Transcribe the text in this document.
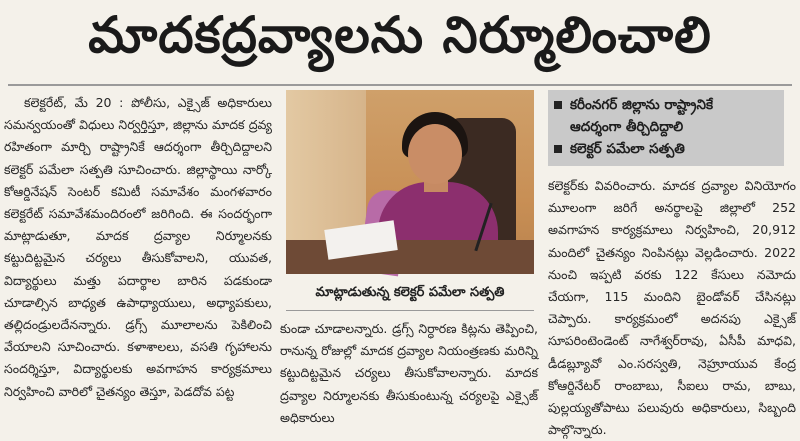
మాదకద్రవ్యాలను నిర్మూలించాలి
కలెక్టరేట్, మే 20 : పోలీసు, ఎక్సైజ్ అధికారులు సమన్వయంతో విధులు నిర్వర్తిస్తూ, జిల్లాను మాదక ద్రవ్య రహితంగా మార్చి రాష్ట్రానికే ఆదర్శంగా తీర్చిదిద్దాలని కలెక్టర్ పమేలా సత్పతి సూచించారు. జిల్లాస్థాయి నార్కో కోఆర్డినేషన్ సెంటర్ కమిటీ సమావేశం మంగళవారం కలెక్టరేట్ సమావేశమందిరంలో జరిగింది. ఈ సందర్భంగా మాట్లాడుతూ, మాదక ద్రవ్యాల నిర్మూలనకు కట్టుదిట్టమైన చర్యలు తీసుకోవాలని, యువత, విద్యార్థులు మత్తు పదార్థాల బారిన పడకుండా చూడాల్సిన బాధ్యత ఉపాధ్యాయులు, అధ్యాపకులు, తల్లిదండ్రులదేనన్నారు. డ్రగ్స్ మూలాలను పెకిలించి వేయాలని సూచించారు. కళాశాలలు, వసతి గృహాలను సందర్శిస్తూ, విద్యార్థులకు అవగాహన కార్యక్రమాలు నిర్వహించి వారిలో చైతన్యం తెస్తూ, పెడదోవ పట్ట
మాట్లాడుతున్న కలెక్టర్ పమేలా సత్పతి
కుండా చూడాలన్నారు. డ్రగ్స్ నిర్ధారణ కిట్లను తెప్పించి, రానున్న రోజుల్లో మాదక ద్రవ్యాల నియంత్రణకు మరిన్ని కట్టుదిట్టమైన చర్యలు తీసుకోవాలన్నారు. మాదక ద్రవ్యాల నిర్మూలనకు తీసుకుంటున్న చర్యలపై ఎక్సైజ్ అధికారులు
కరీంనగర్ జిల్లాను రాష్ట్రానికే
ఆదర్శంగా తీర్చిదిద్దాలి
కలెక్టర్ పమేలా సత్పతి
కలెక్టర్‌కు వివరించారు. మాదక ద్రవ్యాల వినియోగం మూలంగా జరిగే అనర్థాలపై జిల్లాలో 252 అవగాహన కార్యక్రమాలు నిర్వహించి, 20,912 మందిలో చైతన్యం నింపినట్లు వెల్లడించారు. 2022 నుంచి ఇప్పటి వరకు 122 కేసులు నమోదు చేయగా, 115 మందిని బైండోవర్ చేసినట్లు చెప్పారు. కార్యక్రమంలో అదనపు ఎక్సైజ్ సూపరింటెండెంట్ నాగేశ్వర్‌రావు, ఏసీపీ మాధవి, డీడబ్ల్యూవో ఎం.సరస్వతి, నెహ్రూయువ కేంద్ర కోఆర్డినేటర్ రాంబాబు, సీఐలు రామ, బాబు, పుల్లయ్యతోపాటు పలువురు అధికారులు, సిబ్బంది పాల్గొన్నారు.
